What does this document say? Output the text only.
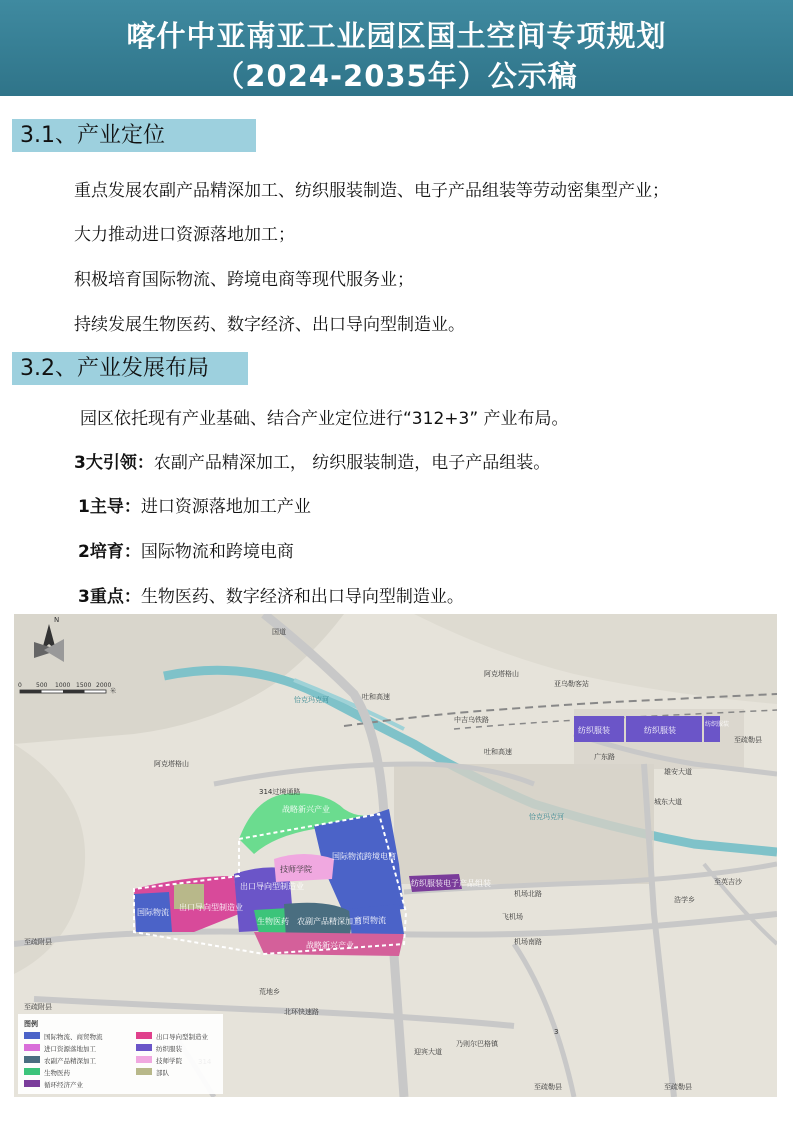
喀什中亚南亚工业园区国土空间专项规划
（2024-2035年）公示稿
3.1、产业定位
重点发展农副产品精深加工、纺织服装制造、电子产品组装等劳动密集型产业；
大力推动进口资源落地加工；
积极培育国际物流、跨境电商等现代服务业；
持续发展生物医药、数字经济、出口导向型制造业。
3.2、产业发展布局
园区依托现有产业基础、结合产业定位进行“312+3” 产业布局。
3大引领：农副产品精深加工， 纺织服装制造，电子产品组装。
1主导：进口资源落地加工产业
2培育：国际物流和跨境电商
3重点：生物医药、数字经济和出口导向型制造业。
战略新兴产业
国际物流跨境电商
出口导向型制造业
出口导向型制造业
生物医药 农副产品精深加工
商贸物流
国际物流
战略新兴产业
纺织服装电子产品组装
纺织服装	纺织服装
纺织服装
技师学院
阿克塔格山
阿克塔格山
亚乌勒客站
中吉乌铁路
恰克玛克河
恰克玛克河
314过境通路
吐和高速
广东路
雄安大道
城东大道
机场北路
机场南路
飞机场
浩学乡
至疏附县
至疏附县
荒地乡
北环快速路
迎宾大道
乃则尔巴格镇
至疏勒县	至疏勒县
至疏勒县
至英吉沙
吐和高速
国道
3
N
0 500 1000 1500 2000
米
图例
国际物流、商贸物流	出口导向型制造业
进口资源落地加工	纺织服装
农副产品精深加工	技师学院
生物医药	部队
循环经济产业
